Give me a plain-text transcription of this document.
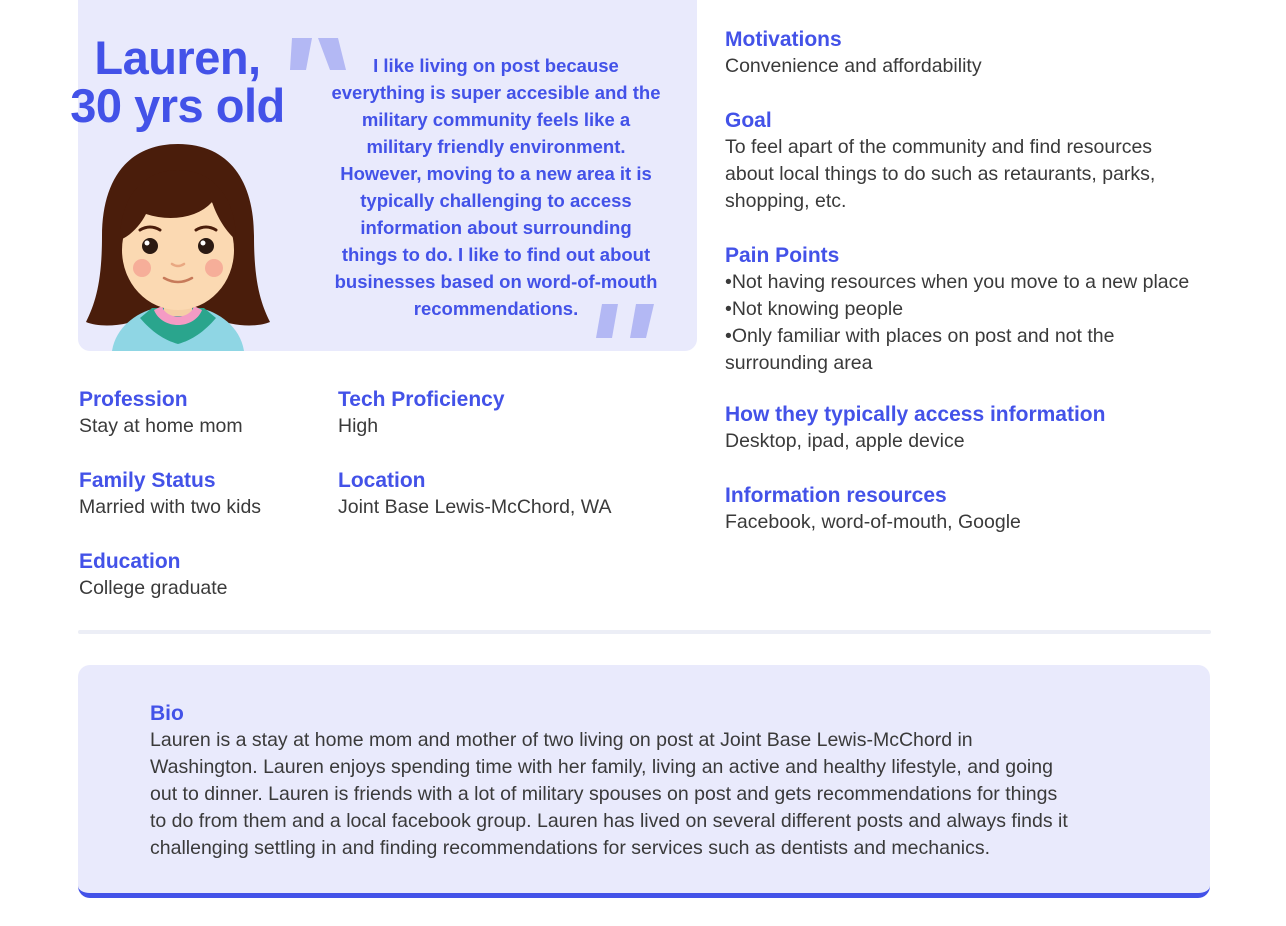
Lauren,
30 yrs old
I like living on post because
everything is super accesible and the
military community feels like a
military friendly environment.
However, moving to a new area it is
typically challenging to access
information about surrounding
things to do. I like to find out about
businesses based on word-of-mouth
recommendations.
Profession
Stay at home mom
Family Status
Married with two kids
Education
College graduate
Tech Proficiency
High
Location
Joint Base Lewis-McChord, WA
Motivations
Convenience and affordability
Goal
To feel apart of the community and find resources
about local things to do such as retaurants, parks,
shopping, etc.
Pain Points
•Not having resources when you move to a new place
•Not knowing people
•Only familiar with places on post and not the
surrounding area
How they typically access information
Desktop, ipad, apple device
Information resources
Facebook, word-of-mouth, Google
Bio
Lauren is a stay at home mom and mother of two living on post at Joint Base Lewis-McChord in
Washington. Lauren enjoys spending time with her family, living an active and healthy lifestyle, and going
out to dinner. Lauren is friends with a lot of military spouses on post and gets recommendations for things
to do from them and a local facebook group. Lauren has lived on several different posts and always finds it
challenging settling in and finding recommendations for services such as dentists and mechanics.
